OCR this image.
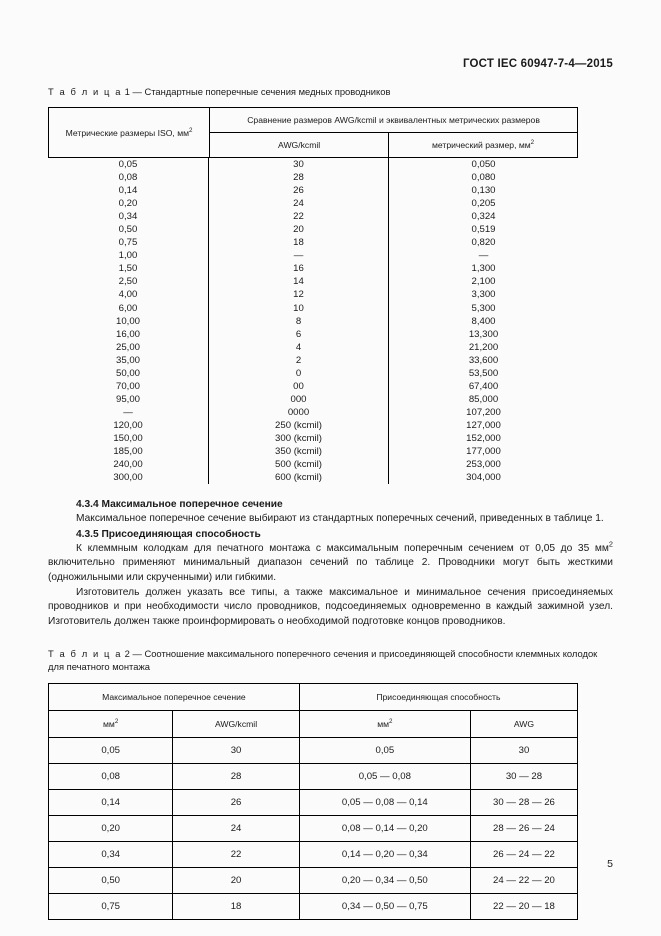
ГОСТ IEC 60947-7-4—2015

Т а б л и ц а 1 — Стандартные поперечные сечения медных проводников

Метрические размеры ISO, $мм^2$	Сравнение размеров AWG/kcmil и эквивалентных метрических размеров	
	AWG/kcmil	метрический размер, $мм^2$
0,05	30	0,050
0,08	28	0,080
0,14	26	0,130
0,20	24	0,205
0,34	22	0,324
0,50	20	0,519
0,75	18	0,820
1,00	—	—
1,50	16	1,300
2,50	14	2,100
4,00	12	3,300
6,00	10	5,300
10,00	8	8,400
16,00	6	13,300
25,00	4	21,200
35,00	2	33,600
50,00	0	53,500
70,00	00	67,400
95,00	000	85,000
—	0000	107,200
120,00	250 (kcmil)	127,000
150,00	300 (kcmil)	152,000
185,00	350 (kcmil)	177,000
240,00	500 (kcmil)	253,000
300,00	600 (kcmil)	304,000

4.3.4 Максимальное поперечное сечение

Максимальное поперечное сечение выбирают из стандартных поперечных сечений, приведенных в таблице 1.

4.3.5 Присоединяющая способность

К клеммным колодкам для печатного монтажа с максимальным поперечным сечением от 0,05 до 35 $мм^2$ включительно применяют минимальный диапазон сечений по таблице 2. Проводники могут быть жесткими (одножильными или скрученными) или гибкими.

Изготовитель должен указать все типы, а также максимальное и минимальное сечения присоединяемых проводников и при необходимости число проводников, подсоединяемых одновременно в каждый зажимной узел. Изготовитель должен также проинформировать о необходимой подготовке концов проводников.

Т а б л и ц а 2 — Соотношение максимального поперечного сечения и присоединяющей способности клеммных колодок для печатного монтажа

Максимальное поперечное сечение		Присоединяющая способность	
$мм^2$	AWG/kcmil	$мм^2$	AWG
0,05	30	0,05	30
0,08	28	0,05 — 0,08	30 — 28
0,14	26	0,05 — 0,08 — 0,14	30 — 28 — 26
0,20	24	0,08 — 0,14 — 0,20	28 — 26 — 24
0,34	22	0,14 — 0,20 — 0,34	26 — 24 — 22
0,50	20	0,20 — 0,34 — 0,50	24 — 22 — 20
0,75	18	0,34 — 0,50 — 0,75	22 — 20 — 18
5
